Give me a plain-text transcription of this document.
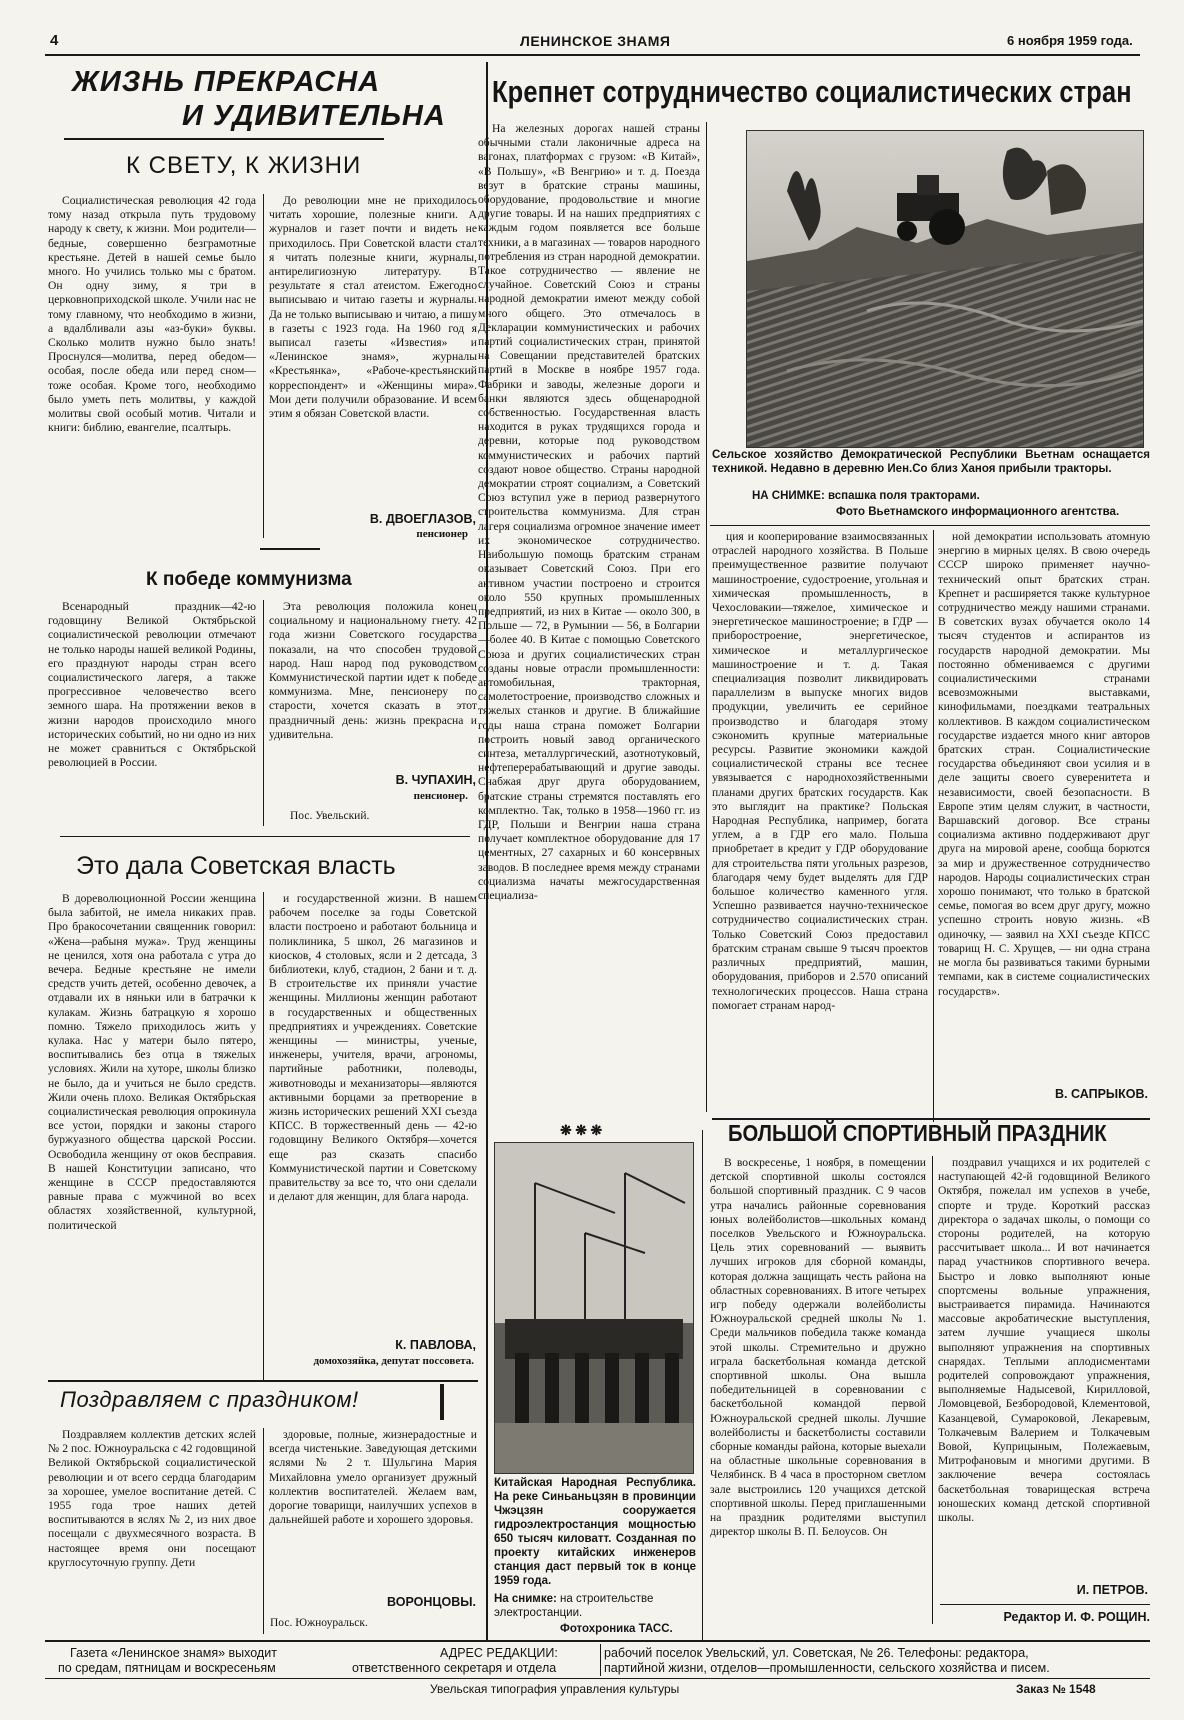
4	ЛЕНИНСКОЕ ЗНАМЯ	6 ноября 1959 года.
ЖИЗНЬ ПРЕКРАСНА
И УДИВИТЕЛЬНА
К СВЕТУ, К ЖИЗНИ

Социалистическая революция 42 года тому назад открыла путь трудовому народу к свету, к жизни. Мои родители—бедные, совершенно безграмотные крестьяне. Детей в нашей семье было много. Но учились только мы с братом. Он одну зиму, я три в церковноприходской школе. Учили нас не тому главному, что необходимо в жизни, а вдалбливали азы «аз-буки» буквы. Сколько молитв нужно было знать! Проснулся—молитва, перед обедом—особая, после обеда или перед сном—тоже особая. Кроме того, необходимо было уметь петь молитвы, у каждой молитвы свой особый мотив. Читали и книги: библию, евангелие, псалтырь.

До революции мне не приходилось читать хорошие, полезные книги. А журналов и газет почти и видеть не приходилось. При Советской власти стал я читать полезные книги, журналы, антирелигиозную литературу. В результате я стал атеистом. Ежегодно выписываю и читаю газеты и журналы. Да не только выписываю и читаю, а пишу в газеты с 1923 года. На 1960 год я выписал газеты «Известия» и «Ленинское знамя», журналы «Крестьянка», «Рабоче-крестьянский корреспондент» и «Женщины мира». Мои дети получили образование. И всем этим я обязан Советской власти.

В. ДВОЕГЛАЗОВ,
пенсионер
К победе коммунизма

Всенародный праздник—42-ю годовщину Великой Октябрьской социалистической революции отмечают не только народы нашей великой Родины, его празднуют народы стран всего социалистического лагеря, а также прогрессивное человечество всего земного шара. На протяжении веков в жизни народов происходило много исторических событий, но ни одно из них не может сравниться с Октябрьской революцией в России.

Эта революция положила конец социальному и национальному гнету. 42 года жизни Советского государства показали, на что способен трудовой народ. Наш народ под руководством Коммунистической партии идет к победе коммунизма. Мне, пенсионеру по старости, хочется сказать в этот праздничный день: жизнь прекрасна и удивительна.

В. ЧУПАХИН,
пенсионер.
Пос. Увельский.
Это дала Советская власть

В дореволюционной России женщина была забитой, не имела никаких прав. Про бракосочетании священник говорил: «Жена—рабыня мужа». Труд женщины не ценился, хотя она работала с утра до вечера. Бедные крестьяне не имели средств учить детей, особенно девочек, а отдавали их в няньки или в батрачки к кулакам. Жизнь батрацкую я хорошо помню. Тяжело приходилось жить у кулака. Нас у матери было пятеро, воспитывались без отца в тяжелых условиях. Жили на хуторе, школы близко не было, да и учиться не было средств. Жили очень плохо. Великая Октябрьская социалистическая революция опрокинула все устои, порядки и законы старого буржуазного общества царской России. Освободила женщину от оков бесправия. В нашей Конституции записано, что женщине в СССР предоставляются равные права с мужчиной во всех областях хозяйственной, культурной, политической

и государственной жизни. В нашем рабочем поселке за годы Советской власти построено и работают больница и поликлиника, 5 школ, 26 магазинов и киосков, 4 столовых, ясли и 2 детсада, 3 библиотеки, клуб, стадион, 2 бани и т. д. В строительстве их приняли участие женщины. Миллионы женщин работают в государственных и общественных предприятиях и учреждениях. Советские женщины — министры, ученые, инженеры, учителя, врачи, агрономы, партийные работники, полеводы, животноводы и механизаторы—являются активными борцами за претворение в жизнь исторических решений XXI съезда КПСС. В торжественный день — 42-ю годовщину Великого Октября—хочется еще раз сказать спасибо Коммунистической партии и Советскому правительству за все то, что они сделали и делают для женщин, для блага народа.

К. ПАВЛОВА,
домохозяйка, депутат поссовета.
Поздравляем с праздником!

Поздравляем коллектив детских яслей № 2 пос. Южноуральска с 42 годовщиной Великой Октябрьской социалистической революции и от всего сердца благодарим за хорошее, умелое воспитание детей. С 1955 года трое наших детей воспитываются в яслях № 2, из них двое посещали с двухмесячного возраста. В настоящее время они посещают круглосуточную группу. Дети

здоровые, полные, жизнерадостные и всегда чистенькие. Заведующая детскими яслями № 2 т. Шульгина Мария Михайловна умело организует дружный коллектив воспитателей. Желаем вам, дорогие товарищи, наилучших успехов в дальнейшей работе и хорошего здоровья.

ВОРОНЦОВЫ.
Пос. Южноуральск.
Крепнет сотрудничество социалистических стран

На железных дорогах нашей страны обычными стали лаконичные адреса на вагонах, платформах с грузом: «В Китай», «В Польшу», «В Венгрию» и т. д. Поезда везут в братские страны машины, оборудование, продовольствие и многие другие товары. И на наших предприятиях с каждым годом появляется все больше техники, а в магазинах — товаров народного потребления из стран народной демократии. Такое сотрудничество — явление не случайное. Советский Союз и страны народной демократии имеют между собой много общего. Это отмечалось в Декларации коммунистических и рабочих партий социалистических стран, принятой на Совещании представителей братских партий в Москве в ноябре 1957 года. Фабрики и заводы, железные дороги и банки являются здесь общенародной собственностью. Государственная власть находится в руках трудящихся города и деревни, которые под руководством коммунистических и рабочих партий создают новое общество. Страны народной демократии строят социализм, а Советский Союз вступил уже в период развернутого строительства коммунизма. Для стран лагеря социализма огромное значение имеет их экономическое сотрудничество. Наибольшую помощь братским странам оказывает Советский Союз. При его активном участии построено и строится около 550 крупных промышленных предприятий, из них в Китае — около 300, в Польше — 72, в Румынии — 56, в Болгарии—более 40. В Китае с помощью Советского Союза и других социалистических стран созданы новые отрасли промышленности: автомобильная, тракторная, самолетостроение, производство сложных и тяжелых станков и другие. В ближайшие годы наша страна поможет Болгарии построить новый завод органического синтеза, металлургический, азотнотуковый, нефтеперерабатывающий и другие заводы. Снабжая друг друга оборудованием, братские страны стремятся поставлять его комплектно. Так, только в 1958—1960 гг. из ГДР, Польши и Венгрии наша страна получает комплектное оборудование для 17 цементных, 27 сахарных и 60 консервных заводов. В последнее время между странами социализма начаты межгосударственная специализа-

Сельское хозяйство Демократической Республики Вьетнам оснащается техникой. Недавно в деревню Иен.Со близ Ханоя прибыли тракторы.
НА СНИМКЕ: вспашка поля тракторами.
Фото Вьетнамского информационного агентства.

ция и кооперирование взаимосвязанных отраслей народного хозяйства. В Польше преимущественное развитие получают машиностроение, судостроение, угольная и химическая промышленность, в Чехословакии—тяжелое, химическое и энергетическое машиностроение; в ГДР — приборостроение, энергетическое, химическое и металлургическое машиностроение и т. д. Такая специализация позволит ликвидировать параллелизм в выпуске многих видов продукции, увеличить ее серийное производство и благодаря этому сэкономить крупные материальные ресурсы. Развитие экономики каждой социалистической страны все теснее увязывается с народнохозяйственными планами других братских государств. Как это выглядит на практике? Польская Народная Республика, например, богата углем, а в ГДР его мало. Польша приобретает в кредит у ГДР оборудование для строительства пяти угольных разрезов, благодаря чему будет выделять для ГДР большое количество каменного угля. Успешно развивается научно-техническое сотрудничество социалистических стран. Только Советский Союз предоставил братским странам свыше 9 тысяч проектов различных предприятий, машин, оборудования, приборов и 2.570 описаний технологических процессов. Наша страна помогает странам народ-

ной демократии использовать атомную энергию в мирных целях. В свою очередь СССР широко применяет научно-технический опыт братских стран. Крепнет и расширяется также культурное сотрудничество между нашими странами. В советских вузах обучается около 14 тысяч студентов и аспирантов из государств народной демократии. Мы постоянно обмениваемся с другими социалистическими странами всевозможными выставками, кинофильмами, поездками театральных коллективов. В каждом социалистическом государстве издается много книг авторов братских стран. Социалистические государства объединяют свои усилия и в деле защиты своего суверенитета и независимости, своей безопасности. В Европе этим целям служит, в частности, Варшавский договор. Все страны социализма активно поддерживают друг друга на мировой арене, сообща борются за мир и дружественное сотрудничество народов. Народы социалистических стран хорошо понимают, что только в братской семье, помогая во всем друг другу, можно успешно строить новую жизнь. «В одиночку, — заявил на XXI съезде КПСС товарищ Н. С. Хрущев, — ни одна страна не могла бы развиваться такими бурными темпами, как в системе социалистических государств».

В. САПРЫКОВ.
❋ ❋ ❋
Китайская Народная Республика. На реке Синьаньцзян в провинции Чжэцзян сооружается гидроэлектростанция мощностью 650 тысяч киловатт. Созданная по проекту китайских инженеров станция даст первый ток в конце 1959 года.
На снимке: на строительстве электростанции.
Фотохроника ТАСС.
БОЛЬШОЙ СПОРТИВНЫЙ ПРАЗДНИК

В воскресенье, 1 ноября, в помещении детской спортивной школы состоялся большой спортивный праздник. С 9 часов утра начались районные соревнования юных волейболистов—школьных команд поселков Увельского и Южноуральска. Цель этих соревнований — выявить лучших игроков для сборной команды, которая должна защищать честь района на областных соревнованиях. В итоге четырех игр победу одержали волейболисты Южноуральской средней школы № 1. Среди мальчиков победила также команда этой школы. Стремительно и дружно играла баскетбольная команда детской спортивной школы. Она вышла победительницей в соревновании с баскетбольной командой первой Южноуральской средней школы. Лучшие волейболисты и баскетболисты составили сборные команды района, которые выехали на областные школьные соревнования в Челябинск. В 4 часа в просторном светлом зале выстроились 120 учащихся детской спортивной школы. Перед приглашенными на праздник родителями выступил директор школы В. П. Белоусов. Он

поздравил учащихся и их родителей с наступающей 42-й годовщиной Великого Октября, пожелал им успехов в учебе, спорте и труде. Короткий рассказ директора о задачах школы, о помощи со стороны родителей, на которую рассчитывает школа... И вот начинается парад участников спортивного вечера. Быстро и ловко выполняют юные спортсмены вольные упражнения, выстраивается пирамида. Начинаются массовые акробатические выступления, затем лучшие учащиеся школы выполняют упражнения на спортивных снарядах. Теплыми аплодисментами родителей сопровождают упражнения, выполняемые Надысевой, Кирилловой, Ломовцевой, Безбородовой, Клементовой, Казанцевой, Сумароковой, Лекаревым, Толкачевым Валерием и Толкачевым Вовой, Куприцыным, Полежаевым, Митрофановым и многими другими. В заключение вечера состоялась баскетбольная товарищеская встреча юношеских команд детской спортивной школы.

И. ПЕТРОВ.
Редактор И. Ф. РОЩИН.
Газета «Ленинское знамя» выходит
по средам, пятницам и воскресеньям
АДРЕС РЕДАКЦИИ:
ответственного секретаря и отдела
рабочий поселок Увельский, ул. Советская, № 26. Телефоны: редактора,
партийной жизни, отделов—промышленности, сельского хозяйства и писем.
Увельская типография управления культуры	Заказ № 1548
